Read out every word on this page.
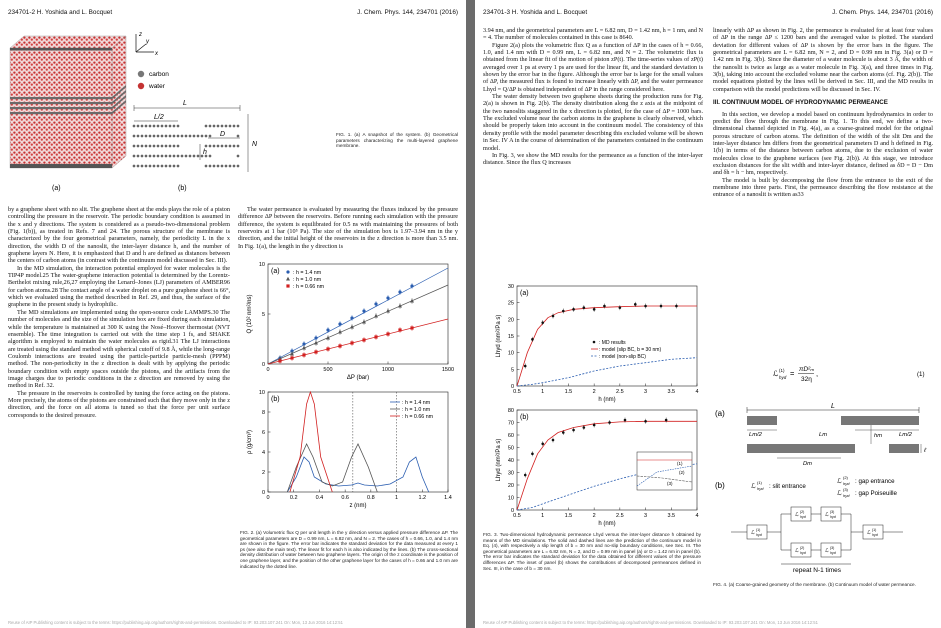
234701-2 H. Yoshida and L. Bocquet	J. Chem. Phys. 144, 234701 (2016)
z
x
y
carbon
water
L
L/2
D
h
N
(a)	(b)
FIG. 1. (a) A snapshot of the system. (b) Geometrical parameters characterizing the multi-layered graphene membrane.

by a graphene sheet with no slit. The graphene sheet at the ends plays the role of a piston controlling the pressure in the reservoir. The periodic boundary condition is assumed in the x and y directions. The system is considered as a pseudo-two-dimensional problem (Fig. 1(b)), as treated in Refs. 7 and 24. The porous structure of the membrane is characterized by the four geometrical parameters, namely, the periodicity L in the x direction, the width D of the nanoslit, the inter-layer distance h, and the number of graphene layers N. Here, it is emphasized that D and h are defined as distances between the centers of carbon atoms (in contrast with the continuum model discussed in Sec. III).

In the MD simulation, the interaction potential employed for water molecules is the TIP4P model.25 The water-graphene interaction potential is determined by the Lorentz-Berthelot mixing rule,26,27 employing the Lenard–Jones (LJ) parameters of AMBER96 for carbon atoms.28 The contact angle of a water droplet on a pure graphene sheet is 66°, which we evaluated using the method described in Ref. 29, and thus, the surface of the graphene in the present study is hydrophilic.

The MD simulations are implemented using the open-source code LAMMPS.30 The number of molecules and the size of the simulation box are fixed during each simulation, while the temperature is maintained at 300 K using the Nosé–Hoover thermostat (NVT ensemble). The time integration is carried out with the time step 1 fs, and SHAKE algorithm is employed to maintain the water molecules as rigid.31 The LJ interactions are treated using the standard method with spherical cutoff of 9.8 Å, while the long-range Coulomb interactions are treated using the particle-particle particle-mesh (PPPM) method. The non-periodicity in the z direction is dealt with by applying the periodic boundary condition with empty spaces outside the pistons, and the artifacts from the image charges due to periodic conditions in the z direction are removed by using the method in Ref. 32.

The pressure in the reservoirs is controlled by tuning the force acting on the pistons. More precisely, the atoms of the pistons are constrained such that they move only in the z direction, and the force on all atoms is tuned so that the force per unit surface corresponds to the desired pressure.

The water permeance is evaluated by measuring the fluxes induced by the pressure difference ΔP between the reservoirs. Before running each simulation with the pressure difference, the system is equilibrated for 0.5 ns with maintaining the pressures of both reservoirs at 1 bar (10⁵ Pa). The size of the simulation box is 1.97–3.94 nm in the y direction, and the initial height of the reservoirs in the z direction is more than 3.5 nm. In Fig. 1(a), the length in the y direction is

0	500	1000	1500
0
5
10
ΔP (bar)
Q (10² nm²/ns)
(a)	: h = 1.4 nm
: h = 1.0 nm
: h = 0.66 nm
0	0.2	0.4	0.6	0.8	1	1.2	1.4
0
2
4
6
8
10
z (nm)
ρ (g/cm³)
(b)	: h = 1.4 nm
: h = 1.0 nm
: h = 0.66 nm
FIG. 2. (a) Volumetric flux Q per unit length in the y direction versus applied pressure difference ΔP. The geometrical parameters are D = 0.99 nm, L = 6.82 nm, and N = 2. The cases of h = 0.66, 1.0, and 1.4 nm are shown in the figure. The error bar indicates the standard deviation for the data measured at every 1 ps (see also the main text). The linear fit for each h is also indicated by the lines. (b) The cross-sectional density distribution of water between two graphene layers. The origin of the z coordinate is the position of one graphene layer, and the position of the other graphene layer for the cases of h = 0.66 and 1.0 nm are indicated by the dotted line.
Reuse of AIP Publishing content is subject to the terms: https://publishing.aip.org/authors/rights-and-permissions. Downloaded to IP: 93.203.107.241 On: Mon, 13 Jun 2016 14:12:51
234701-3 H. Yoshida and L. Bocquet	J. Chem. Phys. 144, 234701 (2016)

3.94 nm, and the geometrical parameters are L = 6.82 nm, D = 1.42 nm, h = 1 nm, and N = 4. The number of molecules contained in this case is 8640.

Figure 2(a) plots the volumetric flux Q as a function of ΔP in the cases of h = 0.66, 1.0, and 1.4 nm with D = 0.99 nm, L = 6.82 nm, and N = 2. The volumetric flux is obtained from the linear fit of the motion of piston zP(t). The time-series values of zP(t) averaged over 1 ps at every 1 ps are used for the linear fit, and the standard deviation is shown by the error bar in the figure. Although the error bar is large for the small values of ΔP, the measured flux is found to increase linearly with ΔP, and the water permeance Lhyd = Q/ΔP is obtained independent of ΔP in the range considered here.

The water density between two graphene sheets during the production runs for Fig. 2(a) is shown in Fig. 2(b). The density distribution along the z axis at the midpoint of the two nanoslits staggered in the x direction is plotted, for the case of ΔP = 1000 bars. The excluded volume near the carbon atoms in the graphene is clearly observed, which should be properly taken into account in the continuum model. The consistency of this density profile with the model parameter describing this excluded volume will be shown in Sec. IV A in the course of determination of the parameters contained in the continuum model.

In Fig. 3, we show the MD results for the permeance as a function of the inter-layer distance. Since the flux Q increases

linearly with ΔP as shown in Fig. 2, the permeance is evaluated for at least four values of ΔP in the range ΔP ≤ 1200 bars and the averaged value is plotted. The standard deviation for different values of ΔP is shown by the error bars in the figure. The geometrical parameters are L = 6.82 nm, N = 2, and D = 0.99 nm in Fig. 3(a) or D = 1.42 nm in Fig. 3(b). Since the diameter of a water molecule is about 3 Å, the width of the nanoslit is twice as large as a water molecule in Fig. 3(a), and three times in Fig. 3(b), taking into account the excluded volume near the carbon atoms (cf. Fig. 2(b)). The model equations plotted by the lines will be derived in Sec. III, and the MD results in comparison with the model predictions will be discussed in Sec. IV.

III. CONTINUUM MODEL OF HYDRODYNAMIC PERMEANCE

In this section, we develop a model based on continuum hydrodynamics in order to predict the flow through the membrane in Fig. 1. To this end, we define a two-dimensional channel depicted in Fig. 4(a), as a coarse-grained model for the original porous structure of carbon atoms. The definition of the width of the slit Dm and the inter-layer distance hm differs from the geometrical parameters D and h defined in Fig. 1(b) in terms of the distance between carbon atoms, due to the exclusion of water molecules close to the graphene surfaces (see Fig. 2(b)). At this stage, we introduce exclusion distances for the slit width and inter-layer distance, defined as δD = D − Dm and δh = h − hm, respectively.

The model is built by decomposing the flow from the entrance to the exit of the membrane into three parts. First, the permeance describing the flow resistance at the entrance of a nanoslit is written as33

ℒ (1)
hyd = πD²ₘ
32η
,	(1)
0.5	1	1.5	2	2.5	3	3.5	4
0
5
10
15
20
25
30
h (nm)
Lhyd (nm²/Pa s)
(a)
: MD results
: model (slip BC, b = 30 nm)
: model (non-slip BC)
0.5	1	1.5	2	2.5	3	3.5	4
0
10
20
30
40
50
60
70
80
h (nm)
Lhyd (nm²/Pa s)
(b)
(1)
(2)
(3)
FIG. 3. Two-dimensional hydrodynamic permeance Lhyd versus the inter-layer distance h obtained by means of the MD simulations. The solid and dashed lines are the prediction of the continuum model in Eq. (4), with respectively a slip length of b = 30 nm and no-slip boundary conditions, see Sec. III. The geometrical parameters are L = 6.82 nm, N = 2, and D = 0.99 nm in panel (a) or D = 1.42 nm in panel (b). The error bar indicates the standard deviation for the data obtained for different values of the pressure differences ΔP. The inset of panel (b) shows the contributions of decomposed permeances defined in Sec. III, in the case of b = 30 nm.
(a)
L
Lm/2	Lm	Lm/2
Dm
hm
ℓ
(b)	ℒ
(1)
hyd : slit entrance
ℒ
(2)
hyd : gap entrance
ℒ
(3)
hyd : gap Poiseuille
ℒ (1)
hyd
ℒ (2)
hyd	ℒ (3)
hyd
ℒ (2)
hyd	ℒ (3)
hyd
ℒ (1)
hyd
repeat N-1 times
FIG. 4. (a) Coarse-grained geometry of the membrane. (b) Continuum model of water permeance.
Reuse of AIP Publishing content is subject to the terms: https://publishing.aip.org/authors/rights-and-permissions. Downloaded to IP: 93.203.107.241 On: Mon, 13 Jun 2016 14:12:51
